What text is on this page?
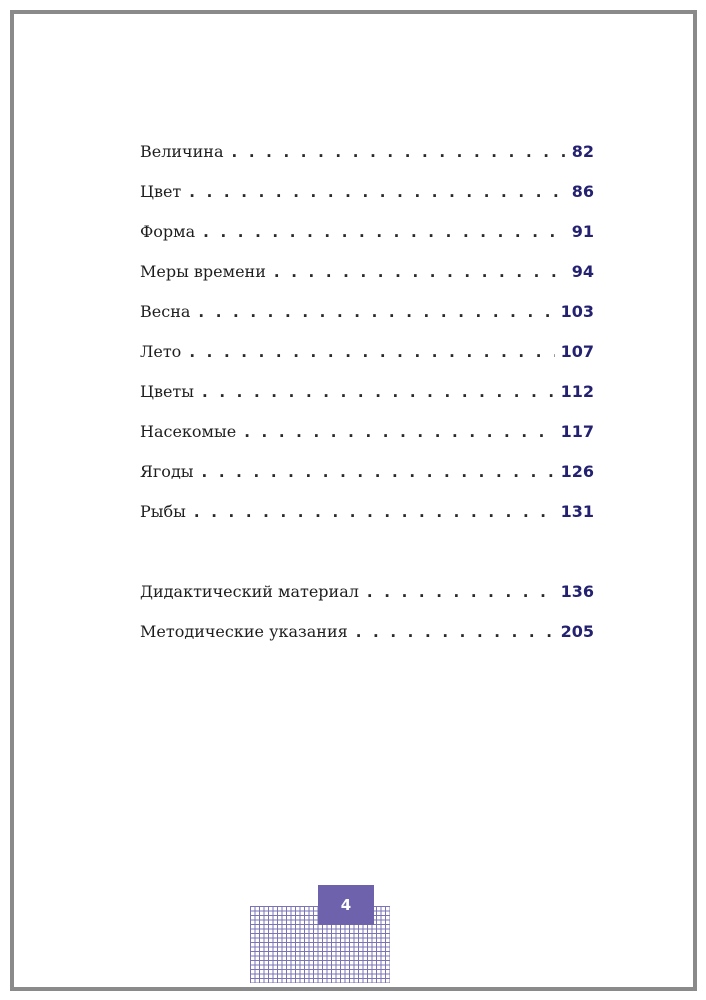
Величина . . .	82
Цвет . . .	86
Форма . . .	91
Меры времени . . .	94
Весна . . .	103
Лето . . .	107
Цветы . . .	112
Насекомые . . .	117
Ягоды . . .	126
Рыбы . . .	131
Дидактический материал . . .	136
Методические указания . . .	205
4
